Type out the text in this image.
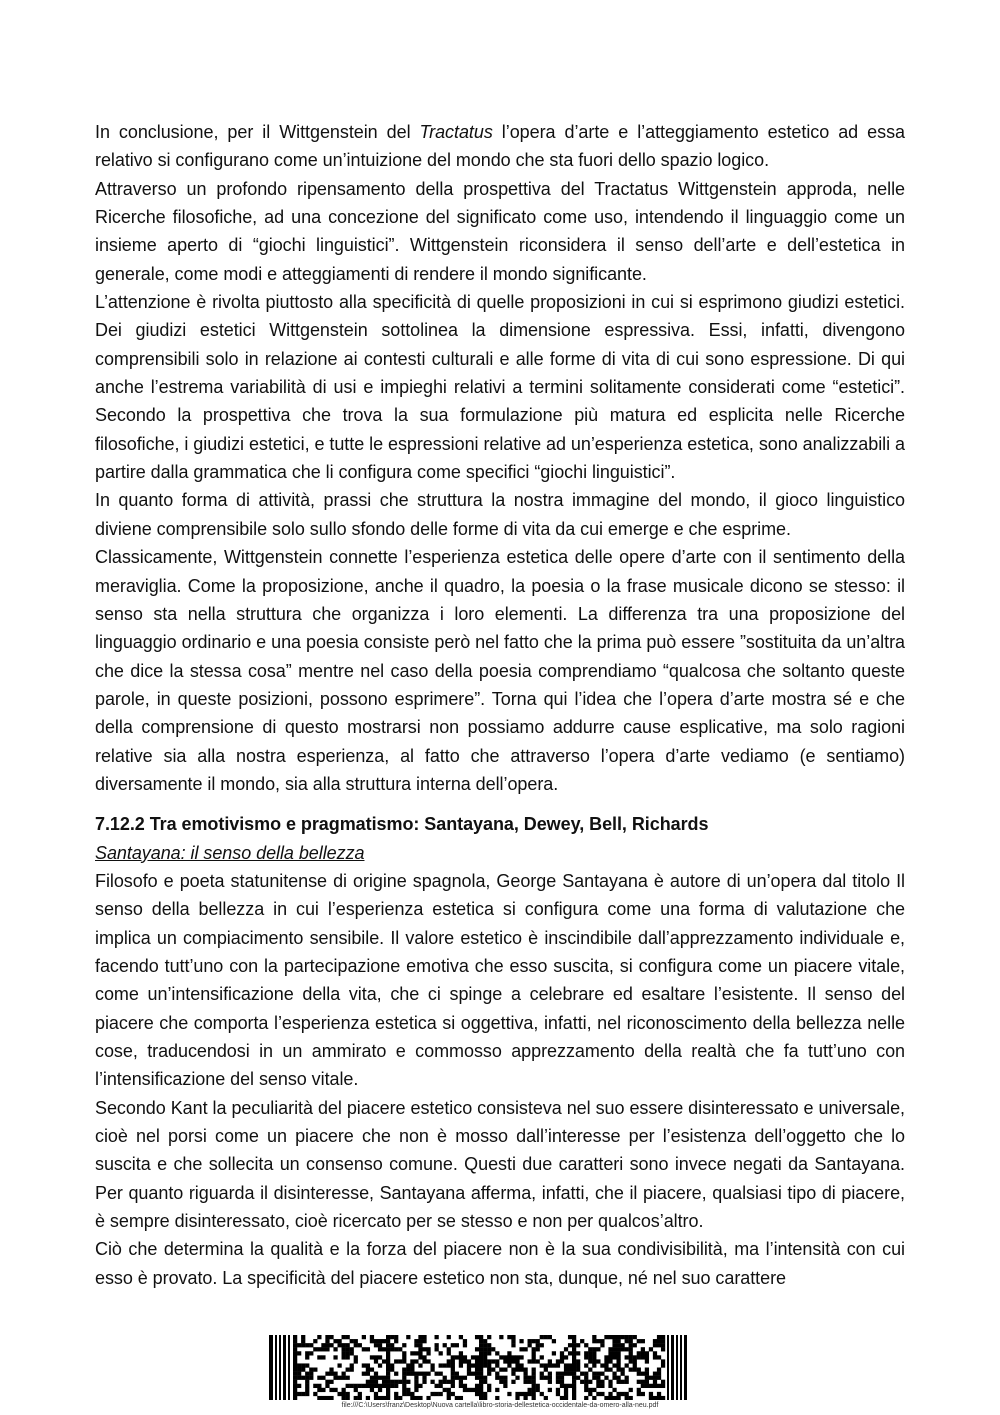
In conclusione, per il Wittgenstein del Tractatus l’opera d’arte e l’atteggiamento estetico ad essa relativo si configurano come un’intuizione del mondo che sta fuori dello spazio logico.

Attraverso un profondo ripensamento della prospettiva del Tractatus Wittgenstein approda, nelle Ricerche filosofiche, ad una concezione del significato come uso, intendendo il linguaggio come un insieme aperto di “giochi linguistici”. Wittgenstein riconsidera il senso dell’arte e dell’estetica in generale, come modi e atteggiamenti di rendere il mondo significante.

L’attenzione è rivolta piuttosto alla specificità di quelle proposizioni in cui si esprimono giudizi estetici. Dei giudizi estetici Wittgenstein sottolinea la dimensione espressiva. Essi, infatti, divengono comprensibili solo in relazione ai contesti culturali e alle forme di vita di cui sono espressione. Di qui anche l’estrema variabilità di usi e impieghi relativi a termini solitamente considerati come “estetici”. Secondo la prospettiva che trova la sua formulazione più matura ed esplicita nelle Ricerche filosofiche, i giudizi estetici, e tutte le espressioni relative ad un’esperienza estetica, sono analizzabili a partire dalla grammatica che li configura come specifici “giochi linguistici”.

In quanto forma di attività, prassi che struttura la nostra immagine del mondo, il gioco linguistico diviene comprensibile solo sullo sfondo delle forme di vita da cui emerge e che esprime.

Classicamente, Wittgenstein connette l’esperienza estetica delle opere d’arte con il sentimento della meraviglia. Come la proposizione, anche il quadro, la poesia o la frase musicale dicono se stesso: il senso sta nella struttura che organizza i loro elementi. La differenza tra una proposizione del linguaggio ordinario e una poesia consiste però nel fatto che la prima può essere ”sostituita da un’altra che dice la stessa cosa” mentre nel caso della poesia comprendiamo “qualcosa che soltanto queste parole, in queste posizioni, possono esprimere”. Torna qui l’idea che l’opera d’arte mostra sé e che della comprensione di questo mostrarsi non possiamo addurre cause esplicative, ma solo ragioni relative sia alla nostra esperienza, al fatto che attraverso l’opera d’arte vediamo (e sentiamo) diversamente il mondo, sia alla struttura interna dell’opera.

7.12.2 Tra emotivismo e pragmatismo: Santayana, Dewey, Bell, Richards

Santayana: il senso della bellezza

Filosofo e poeta statunitense di origine spagnola, George Santayana è autore di un’opera dal titolo Il senso della bellezza in cui l’esperienza estetica si configura come una forma di valutazione che implica un compiacimento sensibile. Il valore estetico è inscindibile dall’apprezzamento individuale e, facendo tutt’uno con la partecipazione emotiva che esso suscita, si configura come un piacere vitale, come un’intensificazione della vita, che ci spinge a celebrare ed esaltare l’esistente. Il senso del piacere che comporta l’esperienza estetica si oggettiva, infatti, nel riconoscimento della bellezza nelle cose, traducendosi in un ammirato e commosso apprezzamento della realtà che fa tutt’uno con l’intensificazione del senso vitale.

Secondo Kant la peculiarità del piacere estetico consisteva nel suo essere disinteressato e universale, cioè nel porsi come un piacere che non è mosso dall’interesse per l’esistenza dell’oggetto che lo suscita e che sollecita un consenso comune. Questi due caratteri sono invece negati da Santayana. Per quanto riguarda il disinteresse, Santayana afferma, infatti, che il piacere, qualsiasi tipo di piacere, è sempre disinteressato, cioè ricercato per se stesso e non per qualcos’altro.

Ciò che determina la qualità e la forza del piacere non è la sua condivisibilità, ma l’intensità con cui esso è provato. La specificità del piacere estetico non sta, dunque, né nel suo carattere

file:///C:\Users\franz\Desktop\Nuova cartella\libro-storia-dellestetica-occidentale-da-omero-alla-neu.pdf
